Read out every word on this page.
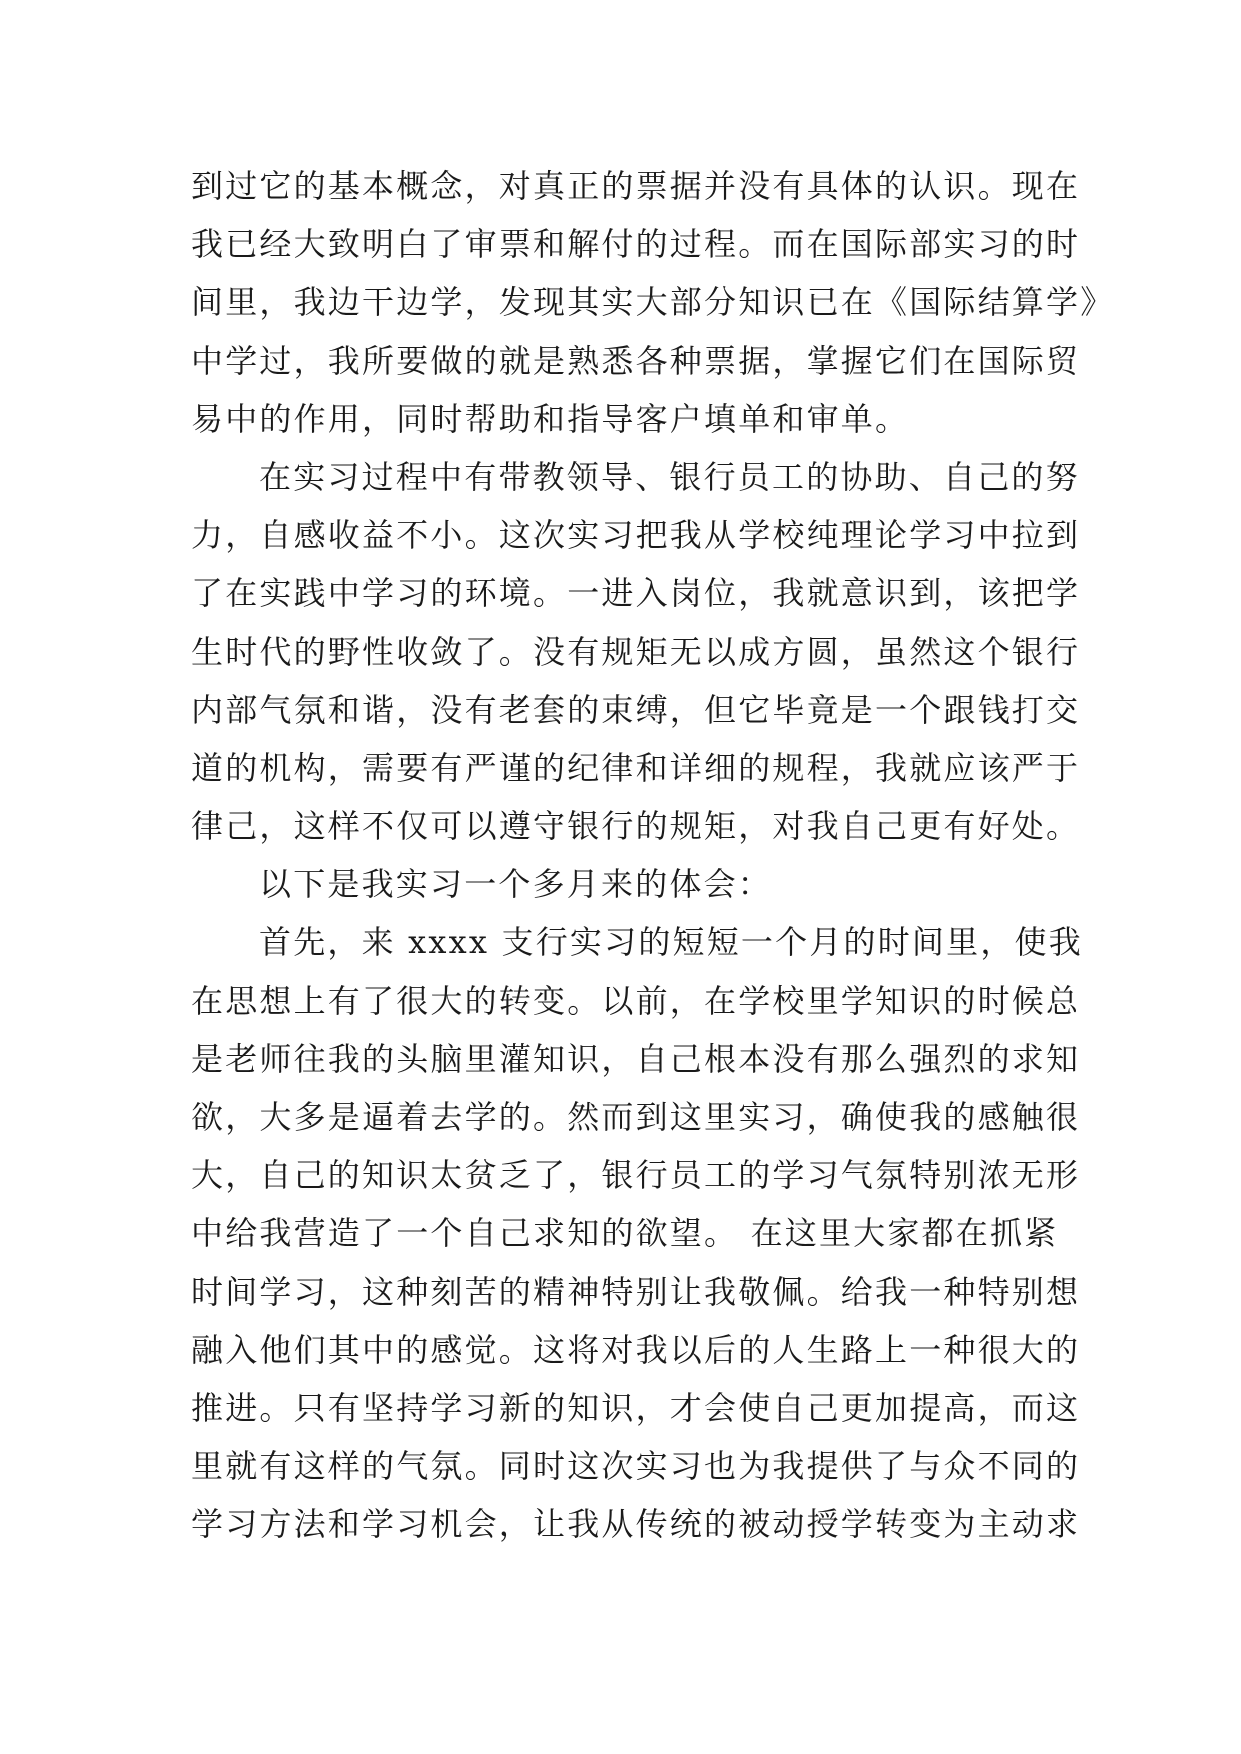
到过它的基本概念，对真正的票据并没有具体的认识。现在
我已经大致明白了审票和解付的过程。而在国际部实习的时
间里，我边干边学，发现其实大部分知识已在《国际结算学》
中学过，我所要做的就是熟悉各种票据，掌握它们在国际贸
易中的作用，同时帮助和指导客户填单和审单。
在实习过程中有带教领导、银行员工的协助、自己的努
力，自感收益不小。这次实习把我从学校纯理论学习中拉到
了在实践中学习的环境。一进入岗位，我就意识到，该把学
生时代的野性收敛了。没有规矩无以成方圆，虽然这个银行
内部气氛和谐，没有老套的束缚，但它毕竟是一个跟钱打交
道的机构，需要有严谨的纪律和详细的规程，我就应该严于
律己，这样不仅可以遵守银行的规矩，对我自己更有好处。
以下是我实习一个多月来的体会：
首先，来 xxxx 支行实习的短短一个月的时间里，使我
在思想上有了很大的转变。以前，在学校里学知识的时候总
是老师往我的头脑里灌知识，自己根本没有那么强烈的求知
欲，大多是逼着去学的。然而到这里实习，确使我的感触很
大，自己的知识太贫乏了，银行员工的学习气氛特别浓无形
中给我营造了一个自己求知的欲望。 在这里大家都在抓紧
时间学习，这种刻苦的精神特别让我敬佩。给我一种特别想
融入他们其中的感觉。这将对我以后的人生路上一种很大的
推进。只有坚持学习新的知识，才会使自己更加提高，而这
里就有这样的气氛。同时这次实习也为我提供了与众不同的
学习方法和学习机会，让我从传统的被动授学转变为主动求
